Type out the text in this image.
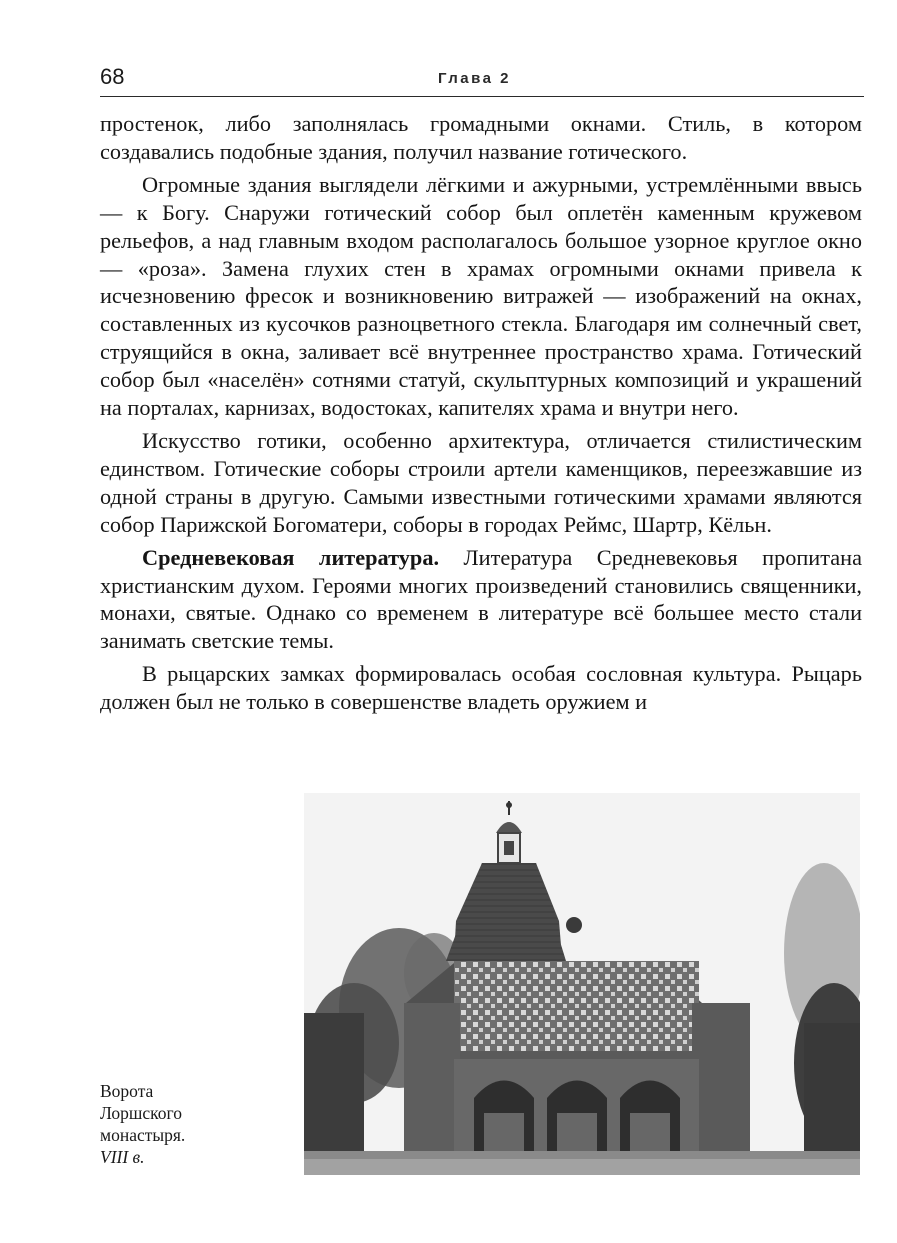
68	Глава 2

простенок, либо заполнялась громадными окнами. Стиль, в котором создавались подобные здания, получил название готического.

Огромные здания выглядели лёгкими и ажурными, устремлёнными ввысь — к Богу. Снаружи готический собор был оплетён каменным кружевом рельефов, а над главным входом располагалось большое узорное круглое окно — «роза». Замена глухих стен в храмах огромными окнами привела к исчезновению фресок и возникновению витражей — изображений на окнах, составленных из кусочков разноцветного стекла. Благодаря им солнечный свет, струящийся в окна, заливает всё внутреннее пространство храма. Готический собор был «населён» сотнями статуй, скульптурных композиций и украшений на порталах, карнизах, водостоках, капителях храма и внутри него.

Искусство готики, особенно архитектура, отличается стилистическим единством. Готические соборы строили артели каменщиков, переезжавшие из одной страны в другую. Самыми известными готическими храмами являются собор Парижской Богоматери, соборы в городах Реймс, Шартр, Кёльн.

Средневековая литература. Литература Средневековья пропитана христианским духом. Героями многих произведений становились священники, монахи, святые. Однако со временем в литературе всё большее место стали занимать светские темы.

В рыцарских замках формировалась особая сословная культура. Рыцарь должен был не только в совершенстве владеть оружием и

Ворота
Лоршского
монастыря.
VIII в.
